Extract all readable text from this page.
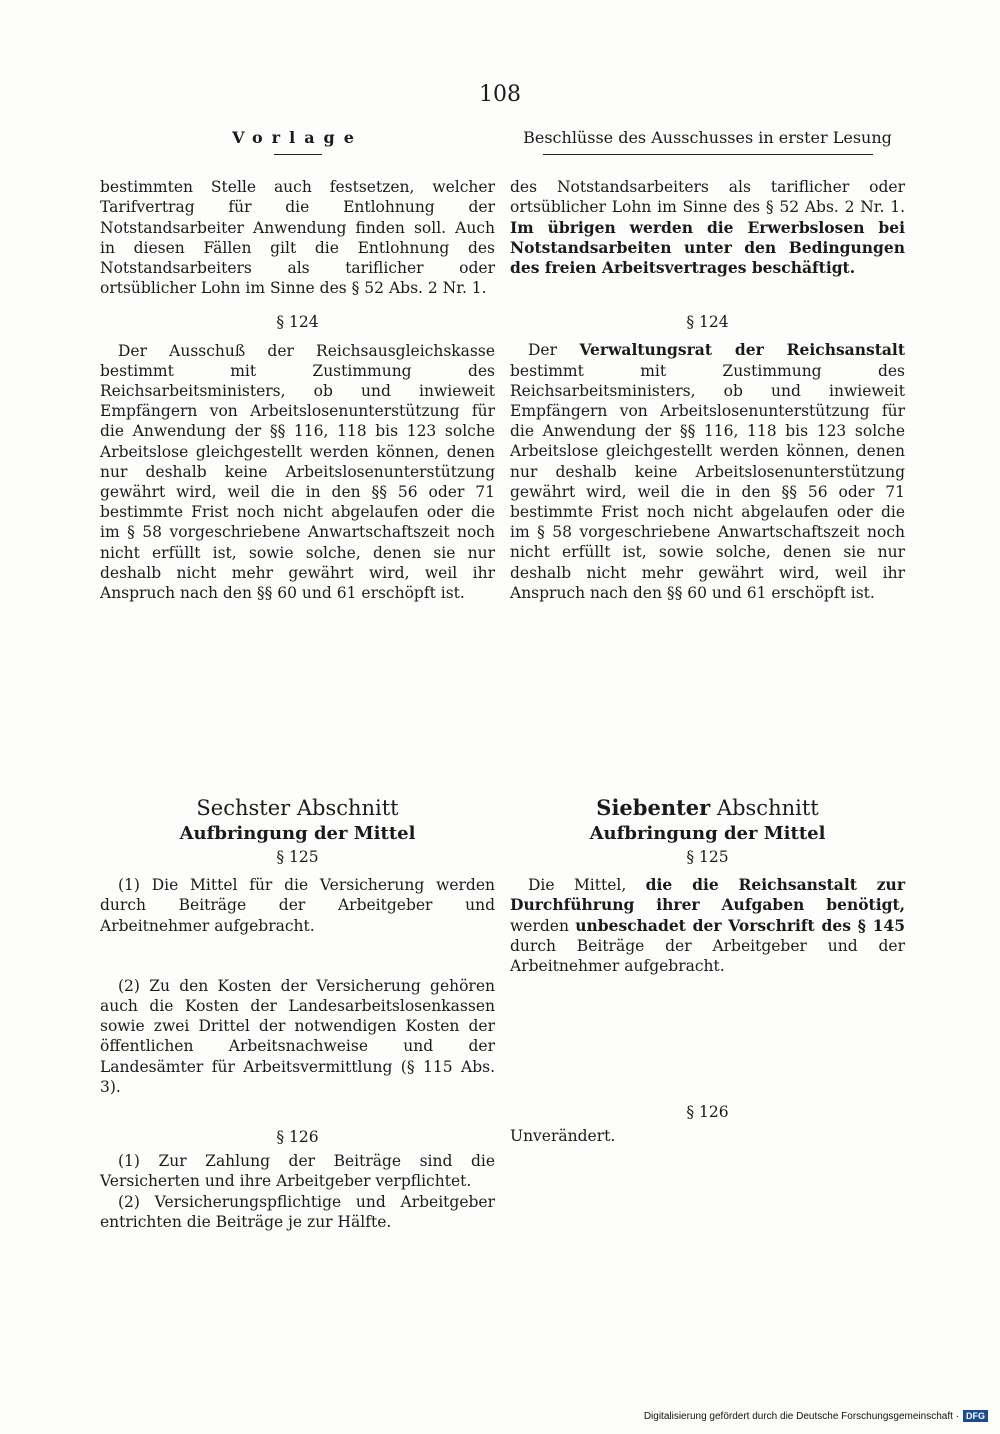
108
Vorlage

bestimmten Stelle auch festsetzen, welcher Tarifvertrag für die Entlohnung der Notstandsarbeiter Anwendung finden soll. Auch in diesen Fällen gilt die Entlohnung des Notstandsarbeiters als tariflicher oder ortsüblicher Lohn im Sinne des § 52 Abs. 2 Nr. 1.

§ 124

Der Ausschuß der Reichsausgleichskasse bestimmt mit Zustimmung des Reichsarbeitsministers, ob und inwieweit Empfängern von Arbeitslosenunterstützung für die Anwendung der §§ 116, 118 bis 123 solche Arbeitslose gleichgestellt werden können, denen nur deshalb keine Arbeitslosenunterstützung gewährt wird, weil die in den §§ 56 oder 71 bestimmte Frist noch nicht abgelaufen oder die im § 58 vorgeschriebene Anwartschaftszeit noch nicht erfüllt ist, sowie solche, denen sie nur deshalb nicht mehr gewährt wird, weil ihr Anspruch nach den §§ 60 und 61 erschöpft ist.

Beschlüsse des Ausschusses in erster Lesung

des Notstandsarbeiters als tariflicher oder ortsüblicher Lohn im Sinne des § 52 Abs. 2 Nr. 1. Im übrigen werden die Erwerbslosen bei Notstandsarbeiten unter den Bedingungen des freien Arbeitsvertrages beschäftigt.

§ 124

Der Verwaltungsrat der Reichsanstalt bestimmt mit Zustimmung des Reichsarbeitsministers, ob und inwieweit Empfängern von Arbeitslosenunterstützung für die Anwendung der §§ 116, 118 bis 123 solche Arbeitslose gleichgestellt werden können, denen nur deshalb keine Arbeitslosenunterstützung gewährt wird, weil die in den §§ 56 oder 71 bestimmte Frist noch nicht abgelaufen oder die im § 58 vorgeschriebene Anwartschaftszeit noch nicht erfüllt ist, sowie solche, denen sie nur deshalb nicht mehr gewährt wird, weil ihr Anspruch nach den §§ 60 und 61 erschöpft ist.

Sechster Abschnitt
Aufbringung der Mittel
§ 125

(1) Die Mittel für die Versicherung werden durch Beiträge der Arbeitgeber und Arbeitnehmer aufgebracht.

(2) Zu den Kosten der Versicherung gehören auch die Kosten der Landesarbeitslosenkassen sowie zwei Drittel der notwendigen Kosten der öffentlichen Arbeitsnachweise und der Landesämter für Arbeitsvermittlung (§ 115 Abs. 3).

§ 126

(1) Zur Zahlung der Beiträge sind die Versicherten und ihre Arbeitgeber verpflichtet.

(2) Versicherungspflichtige und Arbeitgeber entrichten die Beiträge je zur Hälfte.

Siebenter Abschnitt
Aufbringung der Mittel
§ 125

Die Mittel, die die Reichsanstalt zur Durchführung ihrer Aufgaben benötigt, werden unbeschadet der Vorschrift des § 145 durch Beiträge der Arbeitgeber und der Arbeitnehmer aufgebracht.

§ 126

Unverändert.

Digitalisierung gefördert durch die Deutsche Forschungsgemeinschaft · DFG
